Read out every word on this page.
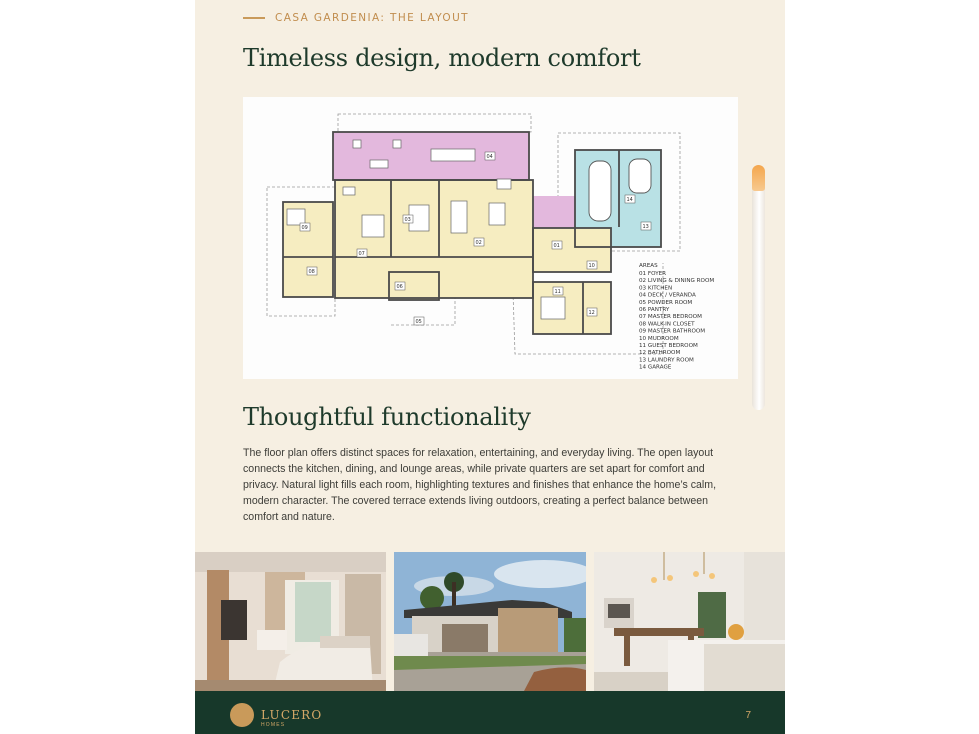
CASA GARDENIA: THE LAYOUT
Timeless design, modern comfort
04
03
02	01
06
07
08
09
10
11
12
13
14
05
AREAS
01 FOYER
02 LIVING & DINING ROOM
03 KITCHEN
04 DECK / VERANDA
05 POWDER ROOM
06 PANTRY
07 MASTER BEDROOM
08 WALK-IN CLOSET
09 MASTER BATHROOM
10 MUDROOM
11 GUEST BEDROOM
12 BATHROOM
13 LAUNDRY ROOM
14 GARAGE
Thoughtful functionality

The floor plan offers distinct spaces for relaxation, entertaining, and everyday living. The open layout connects the kitchen, dining, and lounge areas, while private quarters are set apart for comfort and privacy. Natural light fills each room, highlighting textures and finishes that enhance the home’s calm, modern character. The covered terrace extends living outdoors, creating a perfect balance between comfort and nature.

LUCERO
HOMES
7
